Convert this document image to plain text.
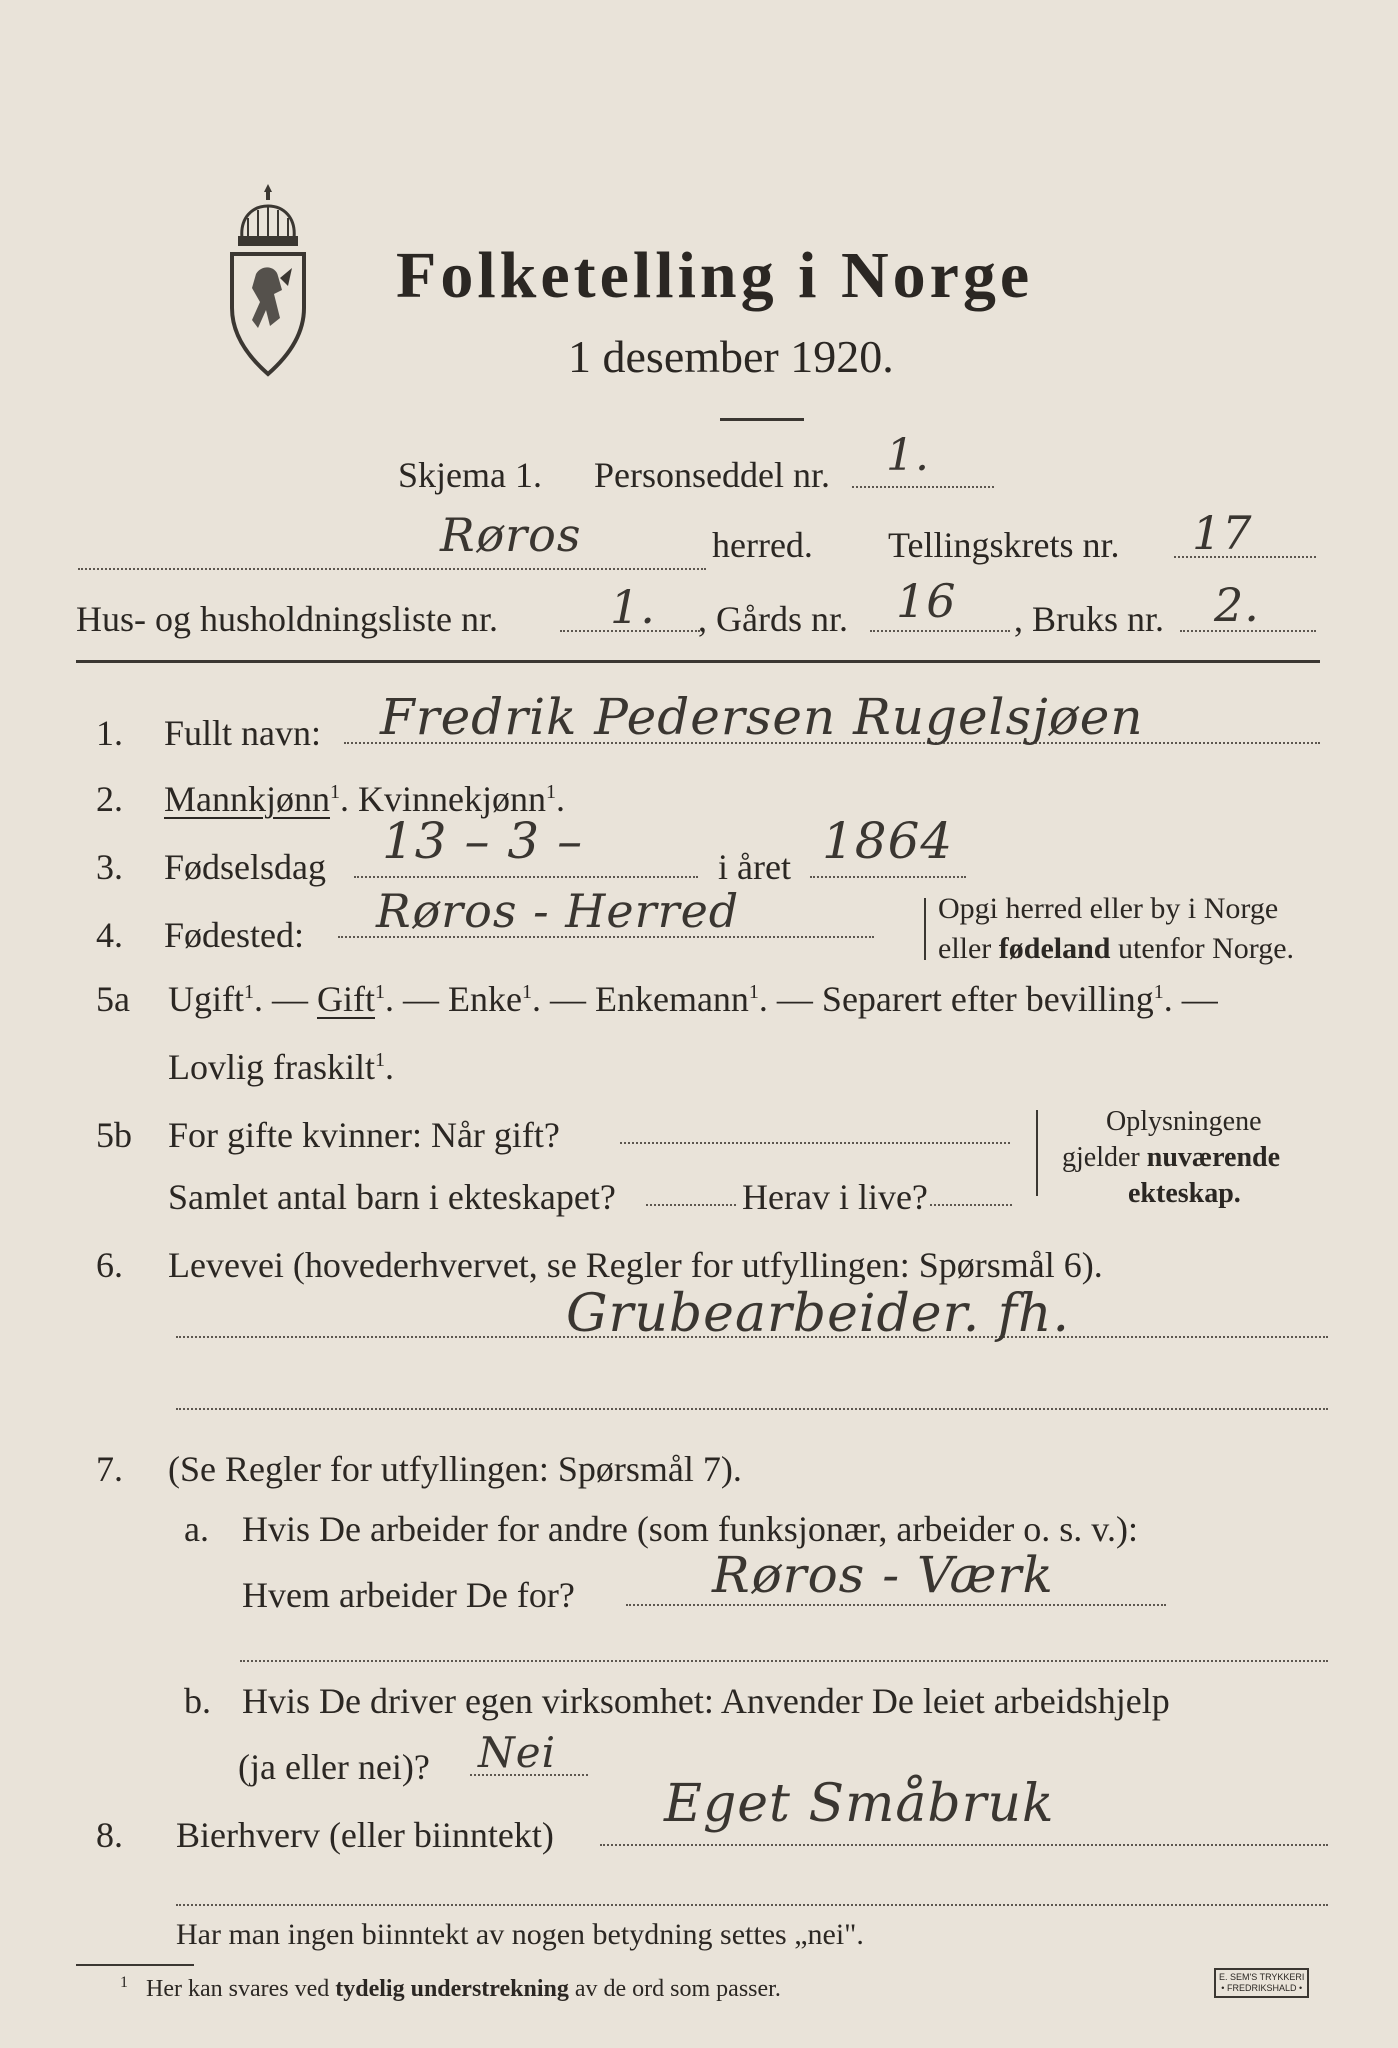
Folketelling i Norge
1 desember 1920.
Skjema 1. Personseddel nr. 1.
Røros	herred. Tellingskrets nr. 17
Hus- og husholdningsliste nr. 1. , Gårds nr. 16 , Bruks nr. 2.
1. Fullt navn: Fredrik Pedersen Rugelsjøen
2. Mannkjønn$^1$. Kvinnekjønn$^1$.
3. Fødselsdag 13 – 3 –	i året 1864
4. Fødested: Røros - Herred	Opgi herred eller by i Norge
eller fødeland utenfor Norge.
5a Ugift$^1$. — Gift$^1$. — Enke$^1$. — Enkemann$^1$. — Separert efter bevilling$^1$. —
Lovlig fraskilt$^1$.
5b For gifte kvinner: Når gift?
Samlet antal barn i ekteskapet?	Herav i live?
Oplysningene
gjelder nuværende
ekteskap.
6. Levevei (hovederhvervet, se Regler for utfyllingen: Spørsmål 6).
Grubearbeider. fh.
7. (Se Regler for utfyllingen: Spørsmål 7).
a. Hvis De arbeider for andre (som funksjonær, arbeider o. s. v.):
Hvem arbeider De for?	Røros - Værk
b. Hvis De driver egen virksomhet: Anvender De leiet arbeidshjelp
(ja eller nei)? Nei
8. Bierhverv (eller biinntekt)
Eget Småbruk
Har man ingen biinntekt av nogen betydning settes „nei".
$^1$ Her kan svares ved tydelig understrekning av de ord som passer.	E. SEM'S TRYKKERI
• FREDRIKSHALD •
